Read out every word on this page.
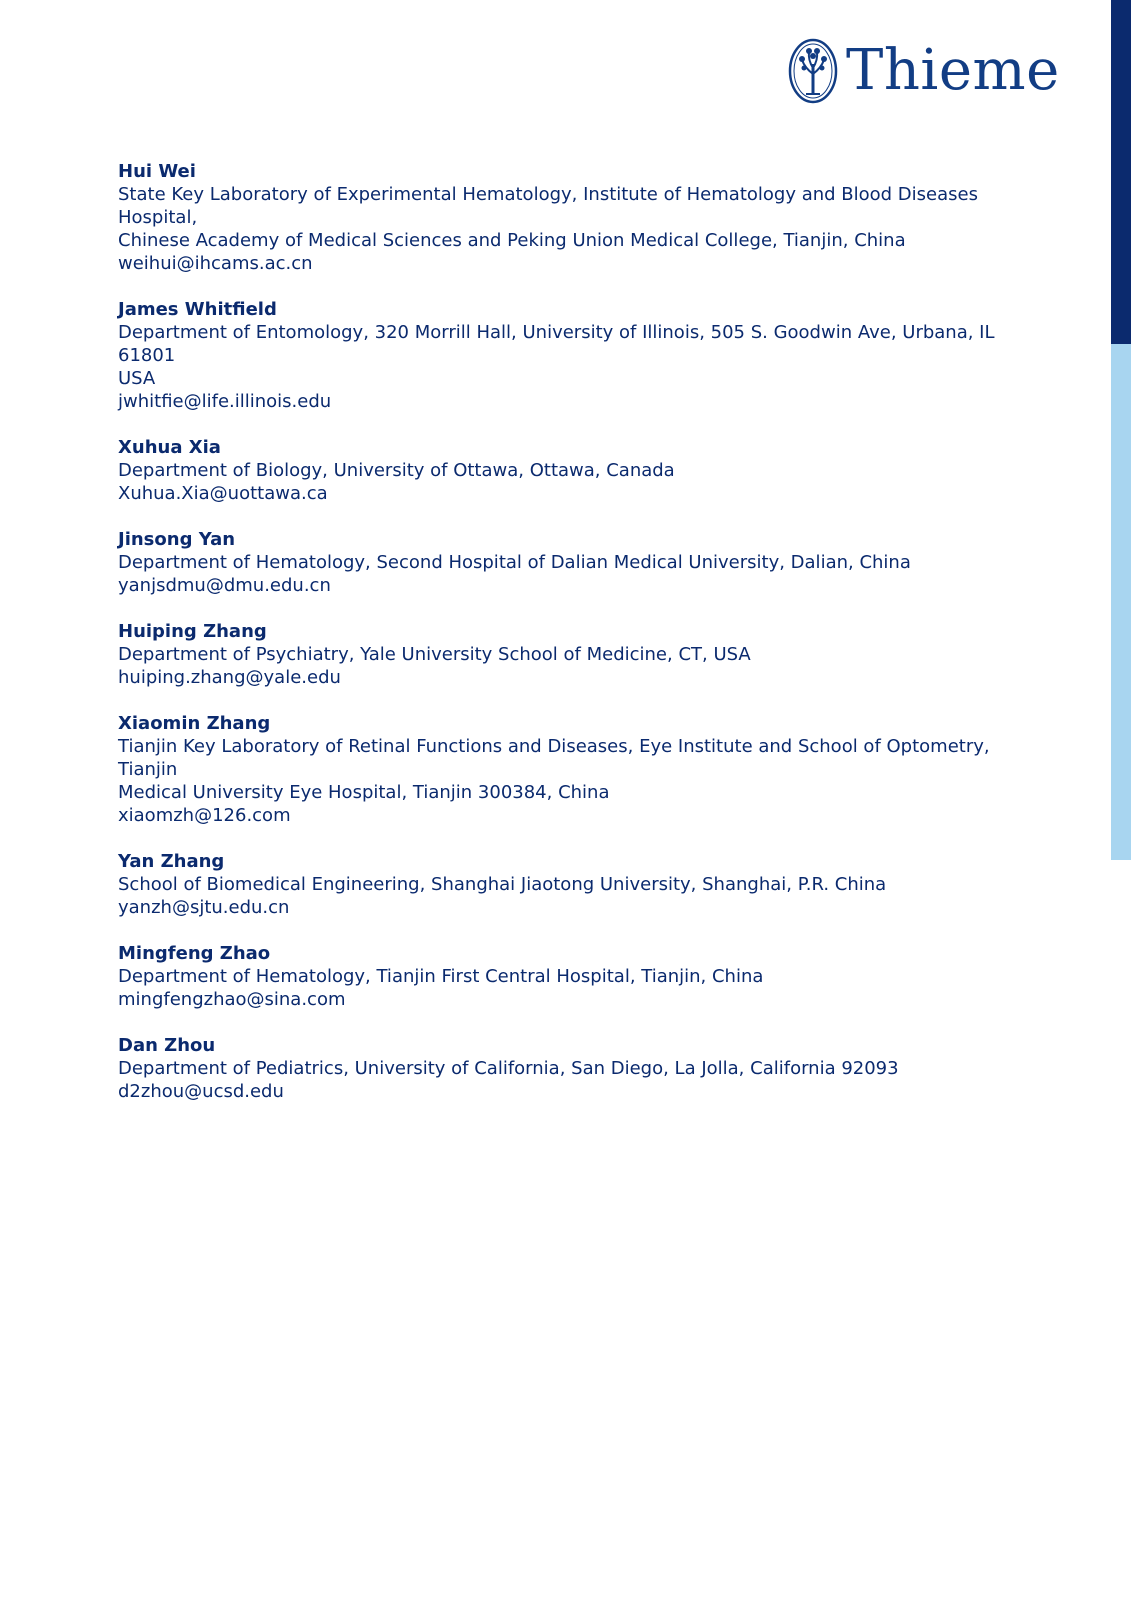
Thieme
Hui Wei
State Key Laboratory of Experimental Hematology, Institute of Hematology and Blood Diseases Hospital,
Chinese Academy of Medical Sciences and Peking Union Medical College, Tianjin, China
weihui@ihcams.ac.cn
James Whitfield
Department of Entomology, 320 Morrill Hall, University of Illinois, 505 S. Goodwin Ave, Urbana, IL 61801
USA
jwhitfie@life.illinois.edu
Xuhua Xia
Department of Biology, University of Ottawa, Ottawa, Canada
Xuhua.Xia@uottawa.ca
Jinsong Yan
Department of Hematology, Second Hospital of Dalian Medical University, Dalian, China
yanjsdmu@dmu.edu.cn
Huiping Zhang
Department of Psychiatry, Yale University School of Medicine, CT, USA
huiping.zhang@yale.edu
Xiaomin Zhang
Tianjin Key Laboratory of Retinal Functions and Diseases, Eye Institute and School of Optometry, Tianjin
Medical University Eye Hospital, Tianjin 300384, China
xiaomzh@126.com
Yan Zhang
School of Biomedical Engineering, Shanghai Jiaotong University, Shanghai, P.R. China
yanzh@sjtu.edu.cn
Mingfeng Zhao
Department of Hematology, Tianjin First Central Hospital, Tianjin, China
mingfengzhao@sina.com
Dan Zhou
Department of Pediatrics, University of California, San Diego, La Jolla, California 92093
d2zhou@ucsd.edu
